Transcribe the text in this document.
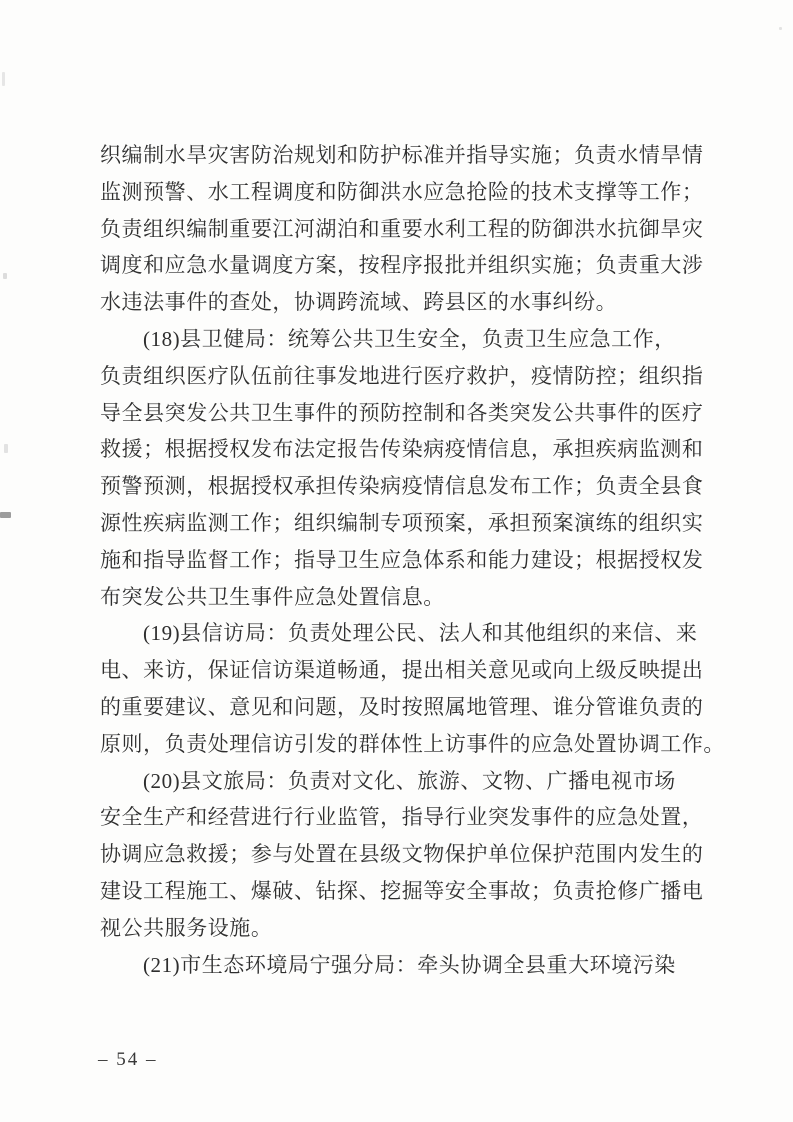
织编制水旱灾害防治规划和防护标准并指导实施；负责水情旱情
监测预警、水工程调度和防御洪水应急抢险的技术支撑等工作；
负责组织编制重要江河湖泊和重要水利工程的防御洪水抗御旱灾
调度和应急水量调度方案，按程序报批并组织实施；负责重大涉
水违法事件的查处，协调跨流域、跨县区的水事纠纷。
(18)县卫健局：统筹公共卫生安全，负责卫生应急工作，
负责组织医疗队伍前往事发地进行医疗救护，疫情防控；组织指
导全县突发公共卫生事件的预防控制和各类突发公共事件的医疗
救援；根据授权发布法定报告传染病疫情信息，承担疾病监测和
预警预测，根据授权承担传染病疫情信息发布工作；负责全县食
源性疾病监测工作；组织编制专项预案，承担预案演练的组织实
施和指导监督工作；指导卫生应急体系和能力建设；根据授权发
布突发公共卫生事件应急处置信息。
(19)县信访局：负责处理公民、法人和其他组织的来信、来
电、来访，保证信访渠道畅通，提出相关意见或向上级反映提出
的重要建议、意见和问题，及时按照属地管理、谁分管谁负责的
原则，负责处理信访引发的群体性上访事件的应急处置协调工作。
(20)县文旅局：负责对文化、旅游、文物、广播电视市场
安全生产和经营进行行业监管，指导行业突发事件的应急处置，
协调应急救援；参与处置在县级文物保护单位保护范围内发生的
建设工程施工、爆破、钻探、挖掘等安全事故；负责抢修广播电
视公共服务设施。
(21)市生态环境局宁强分局：牵头协调全县重大环境污染
– 54 –
